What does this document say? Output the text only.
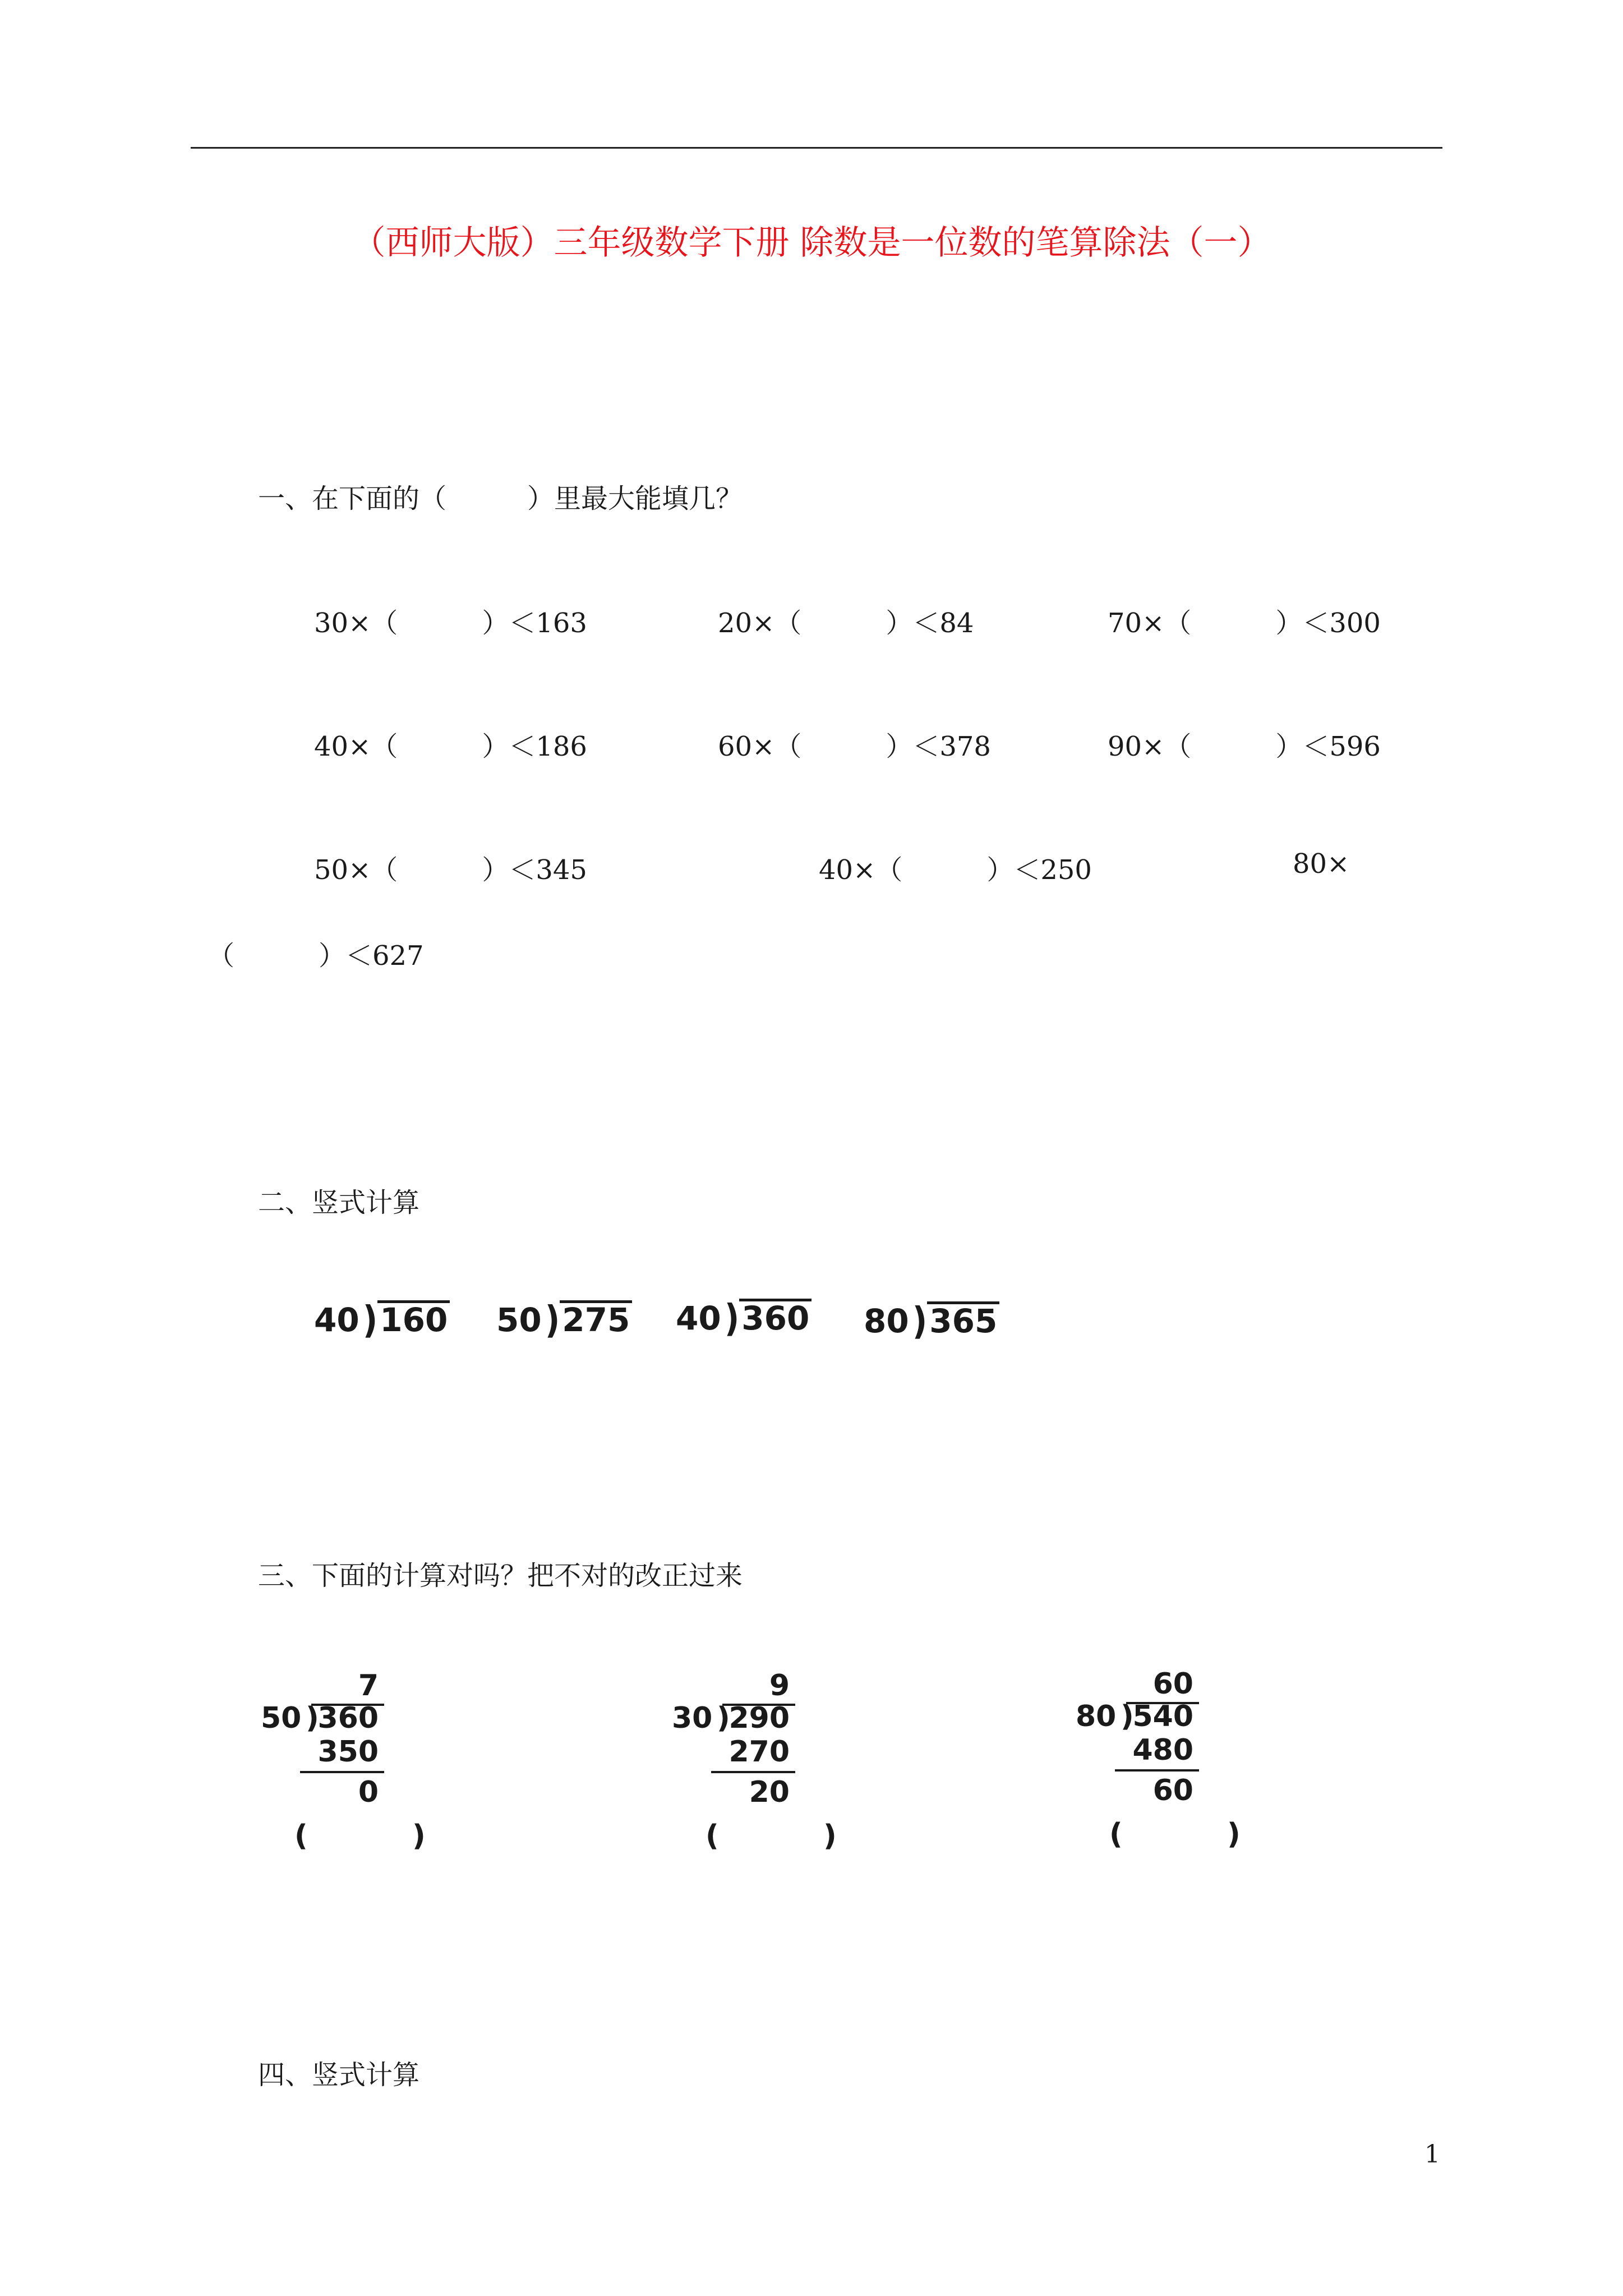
（西师大版）三年级数学下册 除数是一位数的笔算除法（一）
一、在下面的（　　　）里最大能填几？
30×（	）＜163	20×（	）＜84	70×（	）＜300
40×（	）＜186	60×（	）＜378	90×（	）＜596
50×（	）＜345	40×（	）＜250	80×
（	）＜627
二、竖式计算
40 )160 50 )275 40 )360 80 )365
三、下面的计算对吗？把不对的改正过来
7
50 )
360
350
0
(	)
9
30 )
290
270
20
(	)
60
80 )
540
480
60
(	)
四、竖式计算
1
